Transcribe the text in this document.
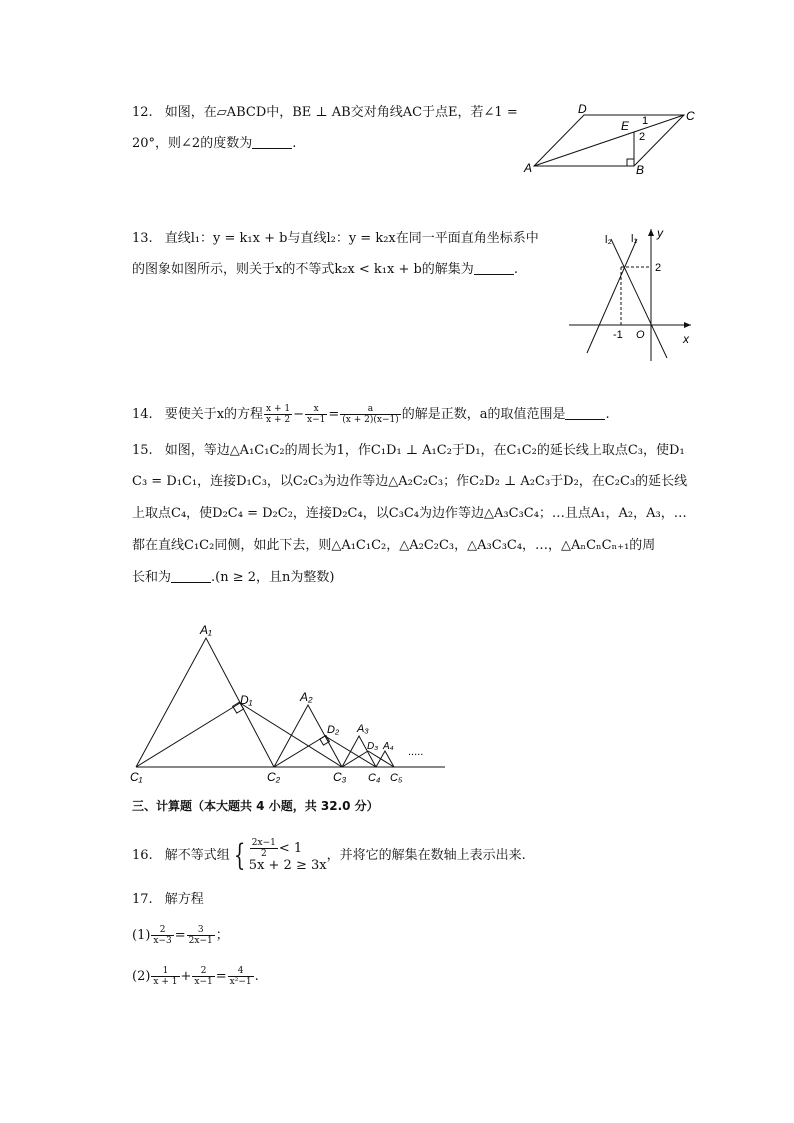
12. 如图，在▱ABCD中，BE ⊥ AB交对角线AC于点E，若∠1 =
20°，则∠2的度数为	.
D	C
E
A	B
1
2
13. 直线l₁：y = k₁x + b与直线l₂：y = k₂x在同一平面直角坐标系中
的图象如图所示，则关于x的不等式k₂x < k₁x + b的解集为	.
l₂ l₁ y
x
2
-1 O
14. 要使关于x的方程 $\frac{x + 1}{x + 2} - \frac{x}{x-1} = \frac{a}{(x + 2)(x-1)}$ 的解是正数，a的取值范围是	.
15. 如图，等边△A₁C₁C₂的周长为1，作C₁D₁ ⊥ A₁C₂于D₁，在C₁C₂的延长线上取点C₃，使D₁
C₃ = D₁C₁，连接D₁C₃，以C₂C₃为边作等边△A₂C₂C₃；作C₂D₂ ⊥ A₂C₃于D₂，在C₂C₃的延长线
上取点C₄，使D₂C₄ = D₂C₂，连接D₂C₄，以C₃C₄为边作等边△A₃C₃C₄；…且点A₁，A₂，A₃，…
都在直线C₁C₂同侧，如此下去，则△A₁C₁C₂，△A₂C₂C₃，△A₃C₃C₄，…，△AₙCₙCₙ₊₁的周
长和为	.(n ≥ 2，且n为整数)
A₁
A₂
A₃
A₄
D₁
D₂
D₃
C₁	C₂	C₃ C₄ C₅
.....
三、计算题（本大题共 4 小题，共 32.0 分）
16. 解不等式组 { $\frac{2x-1}{2} < 1$
5x + 2 ≥ 3x
，并将它的解集在数轴上表示出来.
17. 解方程
$(1) \frac{2}{x-3} = \frac{3}{2x-1}$ ；
$(2) \frac{1}{x + 1} + \frac{2}{x-1} = \frac{4}{\text{x²−1}}$ .
